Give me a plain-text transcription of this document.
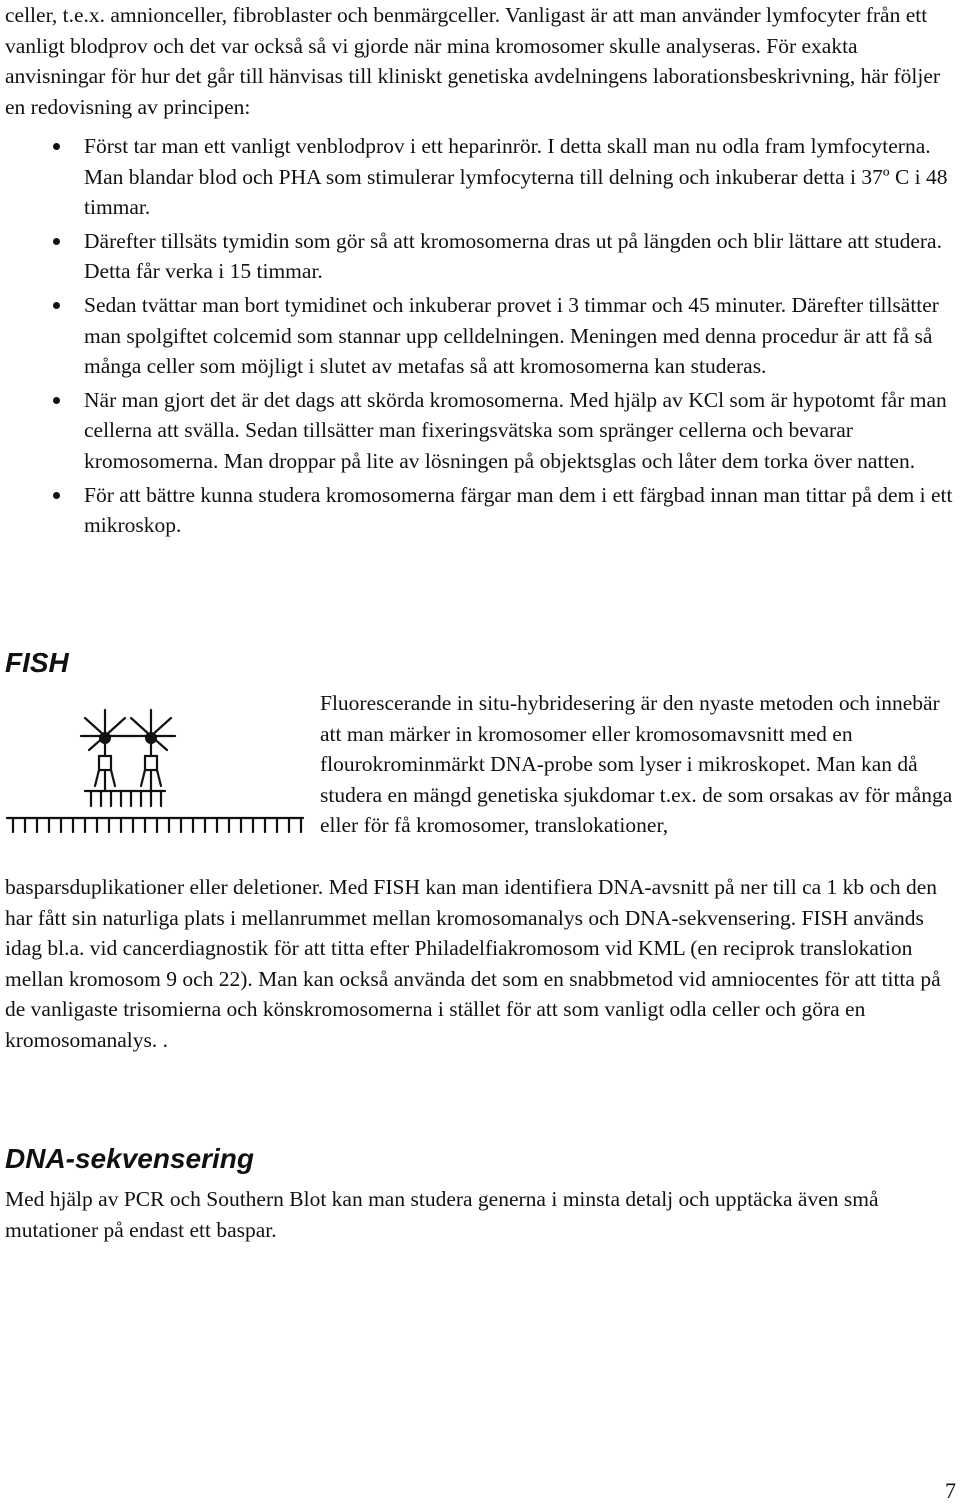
celler, t.e.x. amnionceller, fibroblaster och benmärgceller. Vanligast är att man använder lymfocyter från ett vanligt blodprov och det var också så vi gjorde när mina kromosomer skulle analyseras. För exakta anvisningar för hur det går till hänvisas till kliniskt genetiska avdelningens laborationsbeskrivning, här följer en redovisning av principen:

Först tar man ett vanligt venblodprov i ett heparinrör. I detta skall man nu odla fram lymfocyterna. Man blandar blod och PHA som stimulerar lymfocyterna till delning och inkuberar detta i 37º C i 48 timmar.
Därefter tillsäts tymidin som gör så att kromosomerna dras ut på längden och blir lättare att studera. Detta får verka i 15 timmar.
Sedan tvättar man bort tymidinet och inkuberar provet i 3 timmar och 45 minuter. Därefter tillsätter man spolgiftet colcemid som stannar upp celldelningen. Meningen med denna procedur är att få så många celler som möjligt i slutet av metafas så att kromosomerna kan studeras.
När man gjort det är det dags att skörda kromosomerna. Med hjälp av KCl som är hypotomt får man cellerna att svälla. Sedan tillsätter man fixeringsvätska som spränger cellerna och bevarar kromosomerna. Man droppar på lite av lösningen på objektsglas och låter dem torka över natten.
För att bättre kunna studera kromosomerna färgar man dem i ett färgbad innan man tittar på dem i ett mikroskop.
FISH

Fluorescerande in situ-hybridesering är den nyaste metoden och innebär att man märker in kromosomer eller kromosomavsnitt med en flourokrominmärkt DNA-probe som lyser i mikroskopet. Man kan då studera en mängd genetiska sjukdomar t.ex. de som orsakas av för många eller för få kromosomer, translokationer,

basparsduplikationer eller deletioner. Med FISH kan man identifiera DNA-avsnitt på ner till ca 1 kb och den har fått sin naturliga plats i mellanrummet mellan kromosomanalys och DNA-sekvensering. FISH används idag bl.a. vid cancerdiagnostik för att titta efter Philadelfiakromosom vid KML (en reciprok translokation mellan kromosom 9 och 22). Man kan också använda det som en snabbmetod vid amniocentes för att titta på de vanligaste trisomierna och könskromosomerna i stället för att som vanligt odla celler och göra en kromosomanalys. .

DNA-sekvensering

Med hjälp av PCR och Southern Blot kan man studera generna i minsta detalj och upptäcka även små mutationer på endast ett baspar.

7
